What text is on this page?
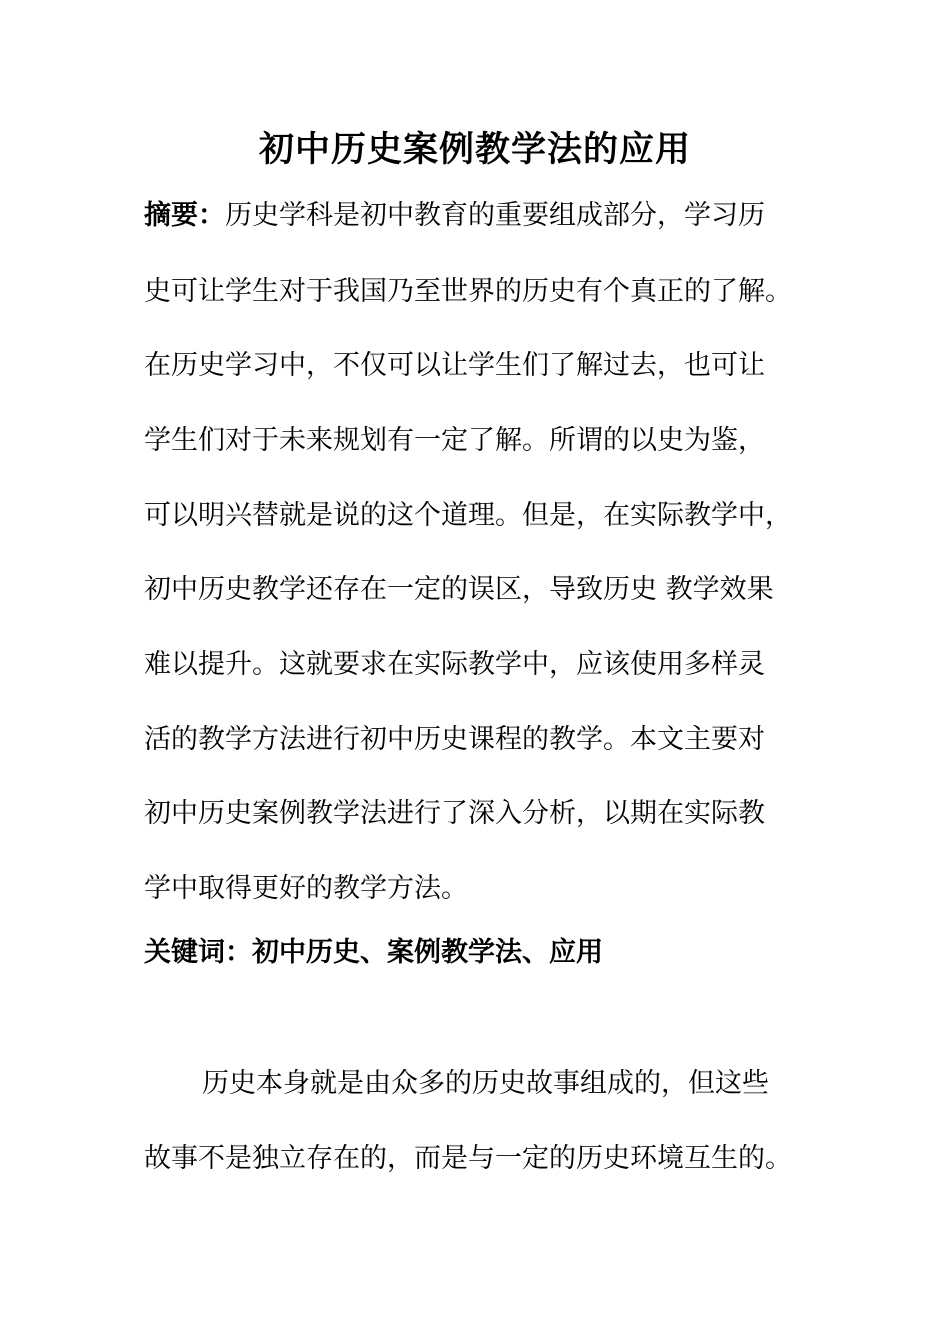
初中历史案例教学法的应用
摘要：历史学科是初中教育的重要组成部分，学习历
史可让学生对于我国乃至世界的历史有个真正的了解。
在历史学习中，不仅可以让学生们了解过去，也可让
学生们对于未来规划有一定了解。所谓的以史为鉴，
可以明兴替就是说的这个道理。但是，在实际教学中，
初中历史教学还存在一定的误区，导致历史 教学效果
难以提升。这就要求在实际教学中，应该使用多样灵
活的教学方法进行初中历史课程的教学。本文主要对
初中历史案例教学法进行了深入分析，以期在实际教
学中取得更好的教学方法。
关键词：初中历史、案例教学法、应用
历史本身就是由众多的历史故事组成的，但这些
故事不是独立存在的，而是与一定的历史环境互生的。
